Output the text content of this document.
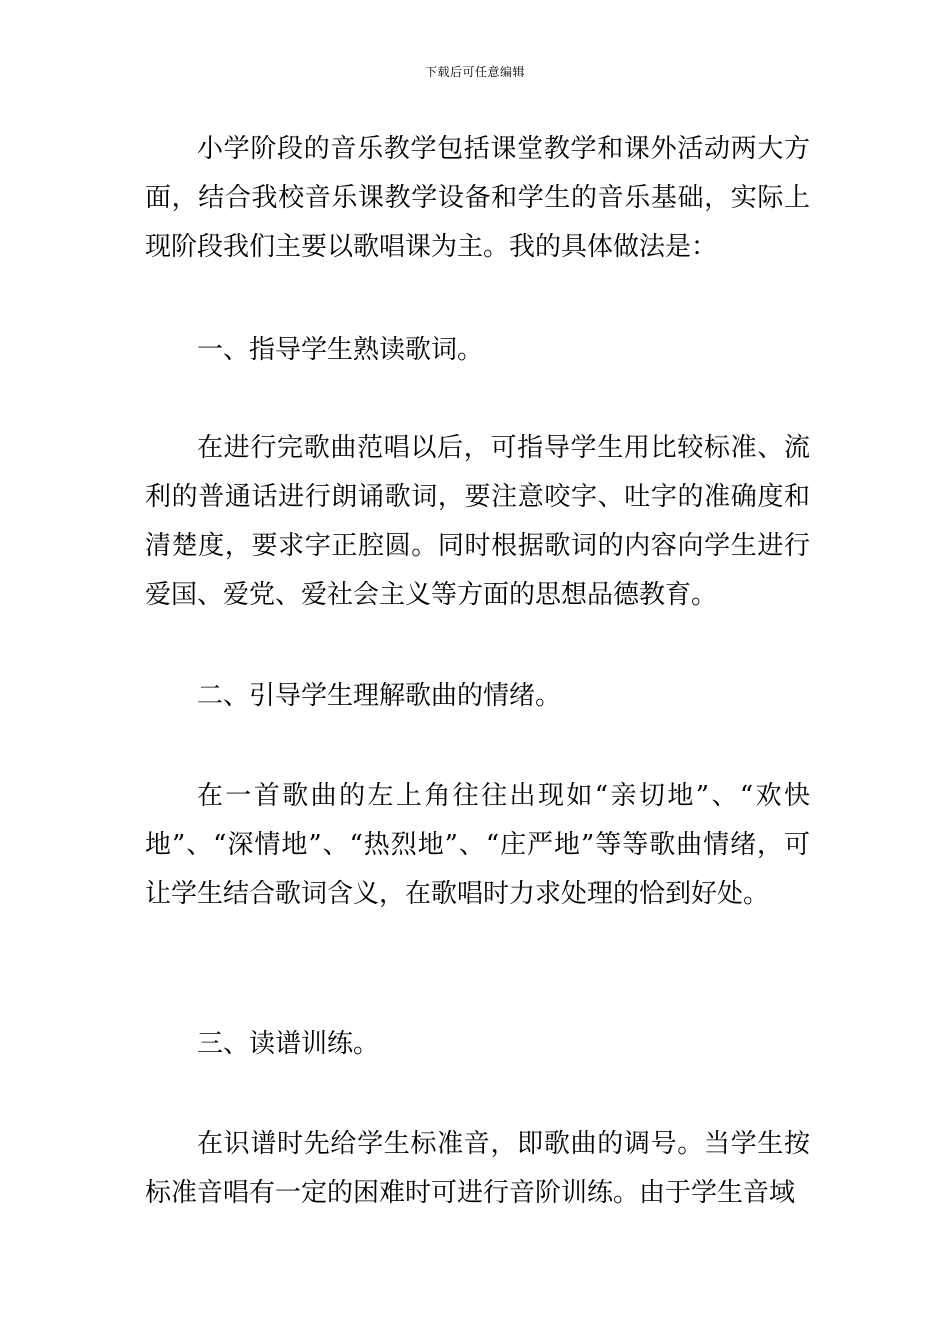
下载后可任意编辑

小学阶段的音乐教学包括课堂教学和课外活动两大方面，结合我校音乐课教学设备和学生的音乐基础，实际上现阶段我们主要以歌唱课为主。我的具体做法是：

一、指导学生熟读歌词。

在进行完歌曲范唱以后，可指导学生用比较标准、流利的普通话进行朗诵歌词，要注意咬字、吐字的准确度和清楚度，要求字正腔圆。同时根据歌词的内容向学生进行爱国、爱党、爱社会主义等方面的思想品德教育。

二、引导学生理解歌曲的情绪。

在一首歌曲的左上角往往出现如“亲切地”、“欢快地”、“深情地”、“热烈地”、“庄严地”等等歌曲情绪，可让学生结合歌词含义，在歌唱时力求处理的恰到好处。

三、读谱训练。

在识谱时先给学生标准音，即歌曲的调号。当学生按标准音唱有一定的困难时可进行音阶训练。由于学生音域
